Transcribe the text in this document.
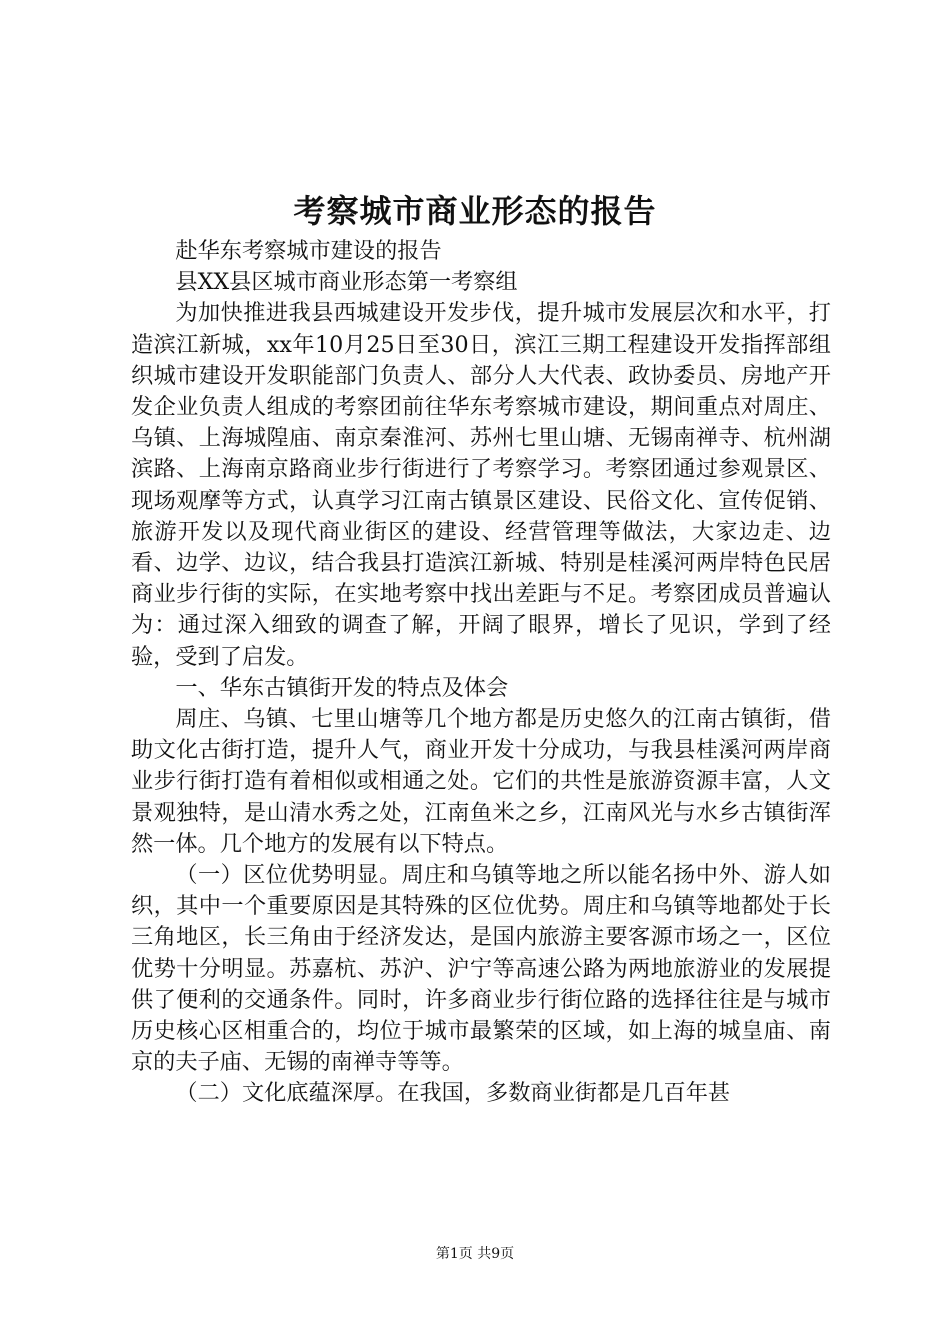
考察城市商业形态的报告

赴华东考察城市建设的报告

县XX县区城市商业形态第一考察组

为加快推进我县西城建设开发步伐，提升城市发展层次和水平，打造滨江新城，xx年10月25日至30日，滨江三期工程建设开发指挥部组织城市建设开发职能部门负责人、部分人大代表、政协委员、房地产开发企业负责人组成的考察团前往华东考察城市建设，期间重点对周庄、乌镇、上海城隍庙、南京秦淮河、苏州七里山塘、无锡南禅寺、杭州湖滨路、上海南京路商业步行街进行了考察学习。考察团通过参观景区、现场观摩等方式，认真学习江南古镇景区建设、民俗文化、宣传促销、旅游开发以及现代商业街区的建设、经营管理等做法，大家边走、边看、边学、边议，结合我县打造滨江新城、特别是桂溪河两岸特色民居商业步行街的实际，在实地考察中找出差距与不足。考察团成员普遍认为：通过深入细致的调查了解，开阔了眼界，增长了见识，学到了经验，受到了启发。

一、华东古镇街开发的特点及体会

周庄、乌镇、七里山塘等几个地方都是历史悠久的江南古镇街，借助文化古街打造，提升人气，商业开发十分成功，与我县桂溪河两岸商业步行街打造有着相似或相通之处。它们的共性是旅游资源丰富，人文景观独特，是山清水秀之处，江南鱼米之乡，江南风光与水乡古镇街浑然一体。几个地方的发展有以下特点。

（一）区位优势明显。周庄和乌镇等地之所以能名扬中外、游人如织，其中一个重要原因是其特殊的区位优势。周庄和乌镇等地都处于长三角地区，长三角由于经济发达，是国内旅游主要客源市场之一，区位优势十分明显。苏嘉杭、苏沪、沪宁等高速公路为两地旅游业的发展提供了便利的交通条件。同时，许多商业步行街位路的选择往往是与城市历史核心区相重合的，均位于城市最繁荣的区域，如上海的城皇庙、南京的夫子庙、无锡的南禅寺等等。

（二）文化底蕴深厚。在我国，多数商业街都是几百年甚

第1页 共9页
